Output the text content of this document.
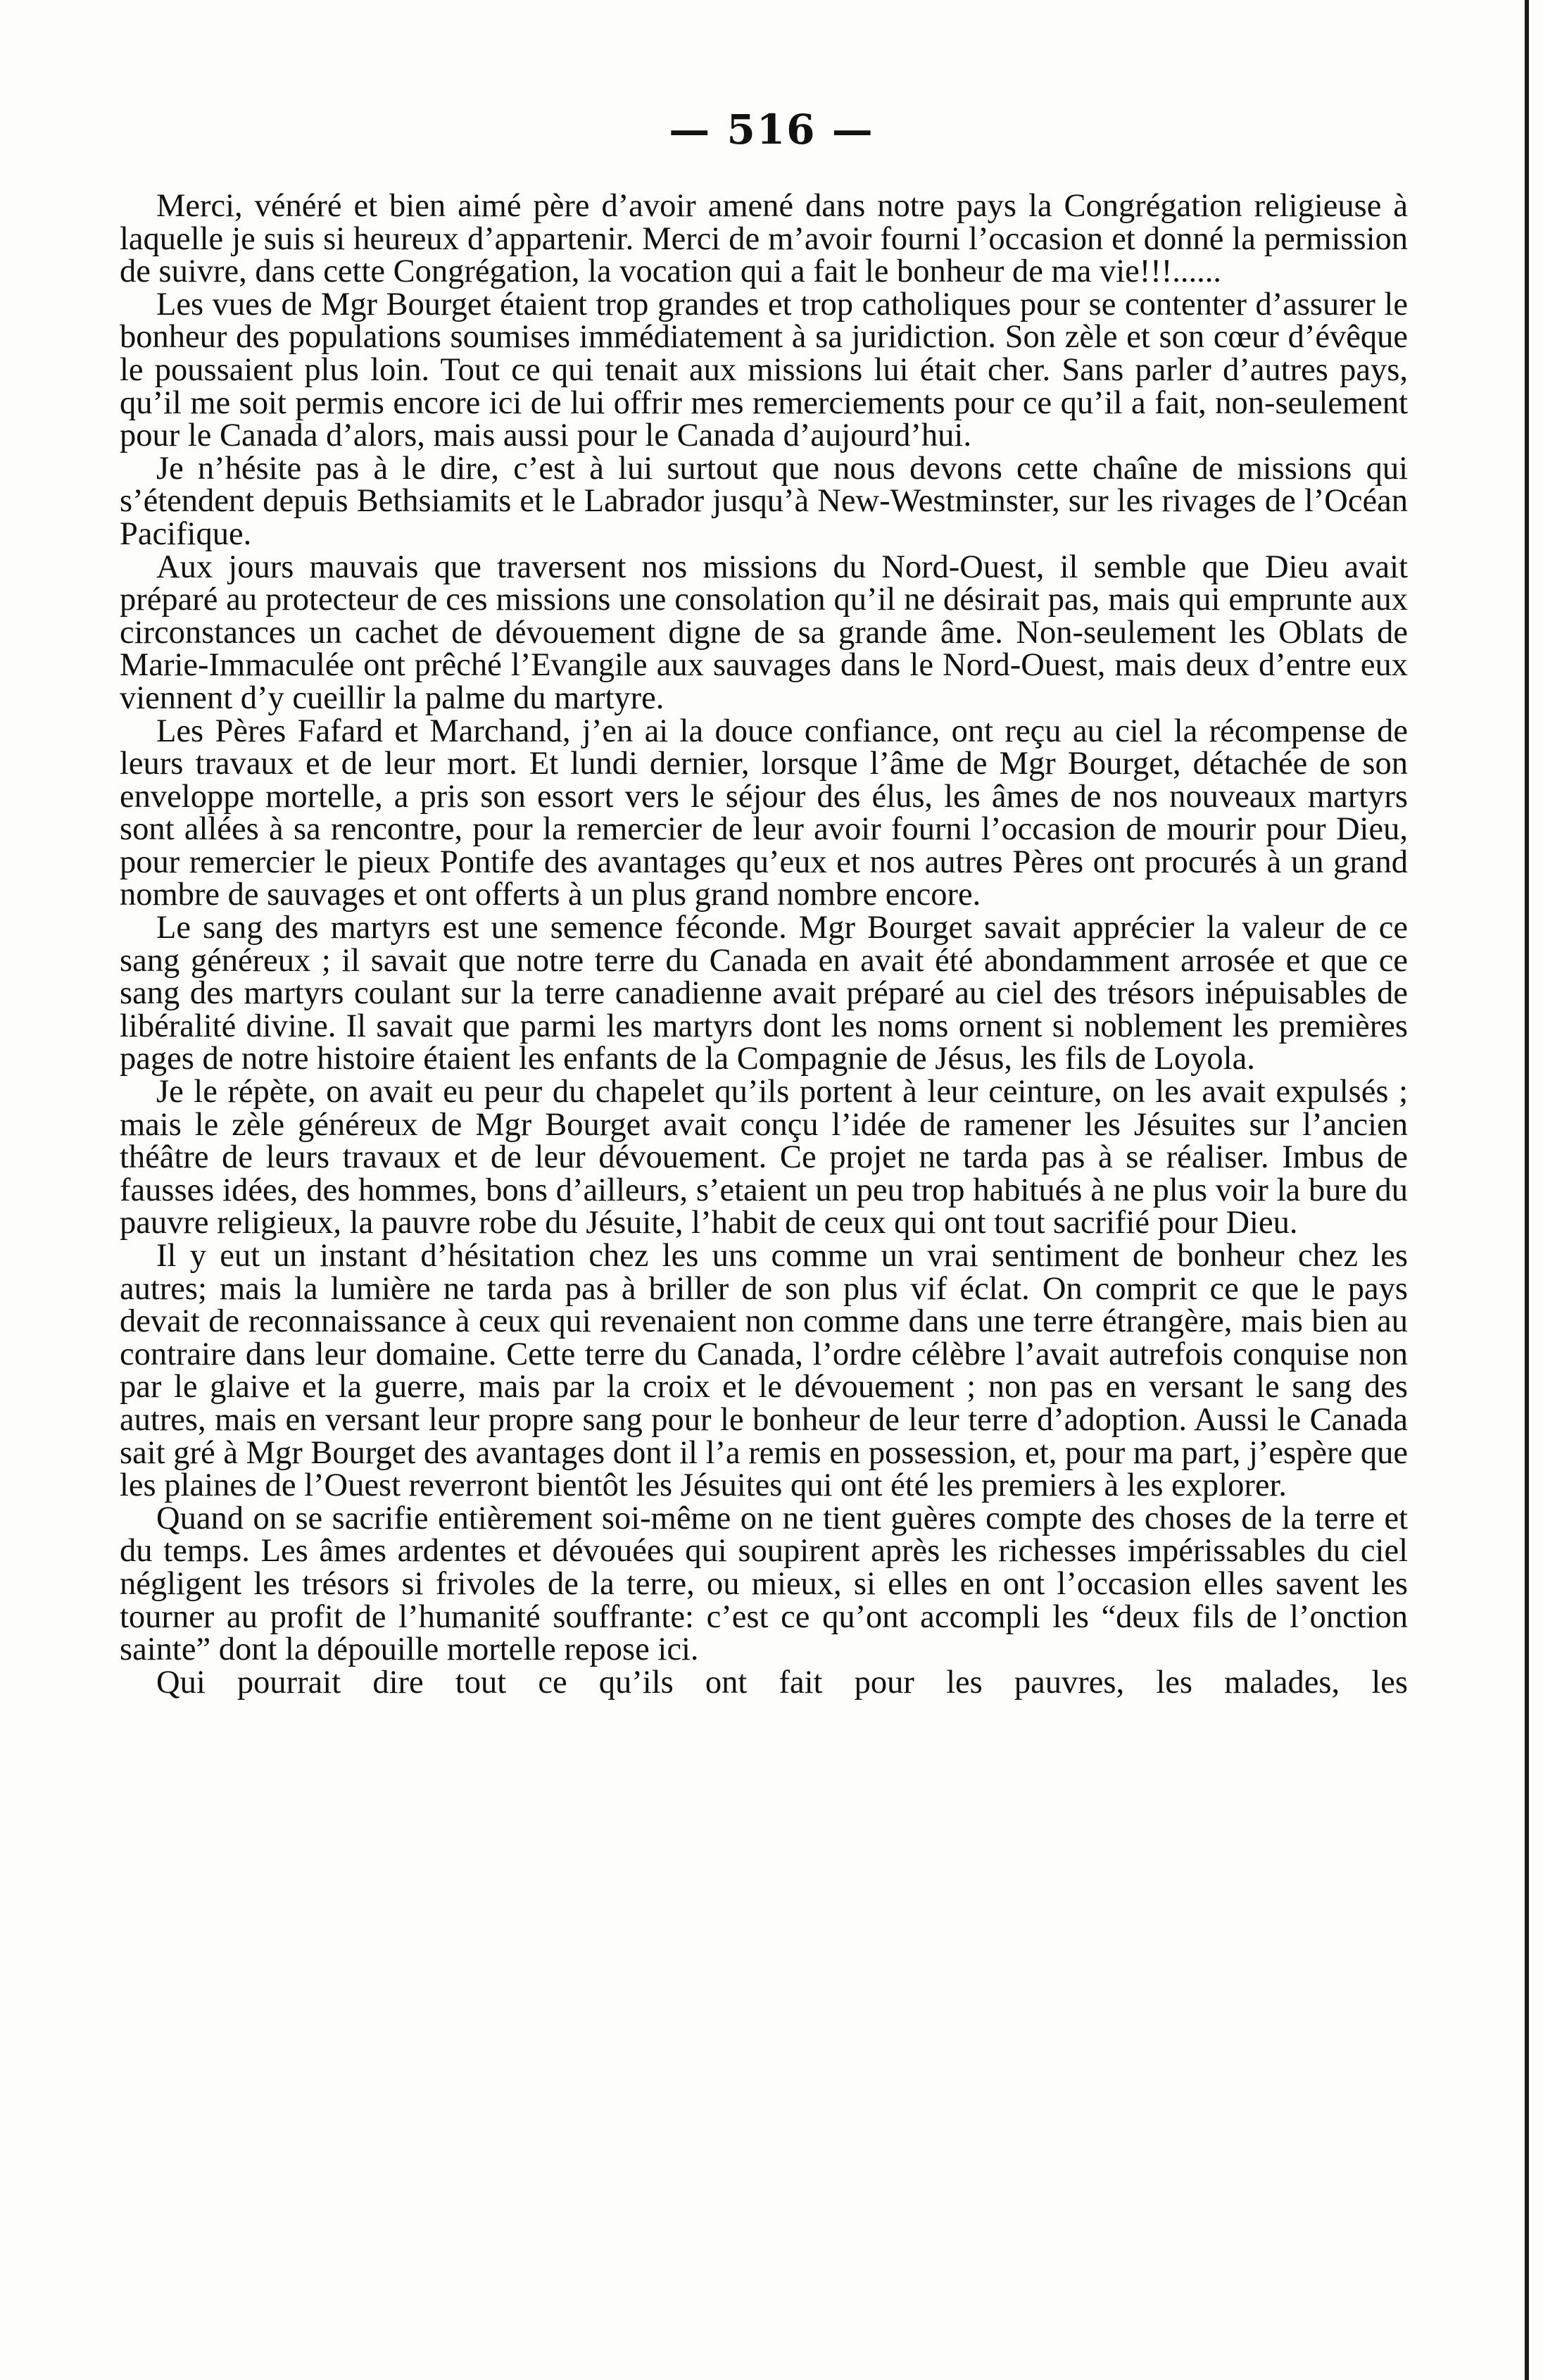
— 516 —

Merci, vénéré et bien aimé père d’avoir amené dans notre pays la Congrégation religieuse à laquelle je suis si heureux d’appartenir. Merci de m’avoir fourni l’occasion et donné la permission de suivre, dans cette Congrégation, la vocation qui a fait le bonheur de ma vie!!!......

Les vues de Mgr Bourget étaient trop grandes et trop catholiques pour se contenter d’assurer le bonheur des populations soumises immédiatement à sa juridiction. Son zèle et son cœur d’évêque le poussaient plus loin. Tout ce qui tenait aux missions lui était cher. Sans parler d’autres pays, qu’il me soit permis encore ici de lui offrir mes remerciements pour ce qu’il a fait, non-seulement pour le Canada d’alors, mais aussi pour le Canada d’aujourd’hui.

Je n’hésite pas à le dire, c’est à lui surtout que nous devons cette chaîne de missions qui s’étendent depuis Bethsiamits et le Labrador jusqu’à New-Westminster, sur les rivages de l’Océan Pacifique.

Aux jours mauvais que traversent nos missions du Nord-Ouest, il semble que Dieu avait préparé au protecteur de ces missions une consolation qu’il ne désirait pas, mais qui emprunte aux circonstances un cachet de dévouement digne de sa grande âme. Non-seulement les Oblats de Marie-Immaculée ont prêché l’Evangile aux sauvages dans le Nord-Ouest, mais deux d’entre eux viennent d’y cueillir la palme du martyre.

Les Pères Fafard et Marchand, j’en ai la douce confiance, ont reçu au ciel la récompense de leurs travaux et de leur mort. Et lundi dernier, lorsque l’âme de Mgr Bourget, détachée de son enveloppe mortelle, a pris son essort vers le séjour des élus, les âmes de nos nouveaux martyrs sont allées à sa rencontre, pour la remercier de leur avoir fourni l’occasion de mourir pour Dieu, pour remercier le pieux Pontife des avantages qu’eux et nos autres Pères ont procurés à un grand nombre de sauvages et ont offerts à un plus grand nombre encore.

Le sang des martyrs est une semence féconde. Mgr Bourget savait apprécier la valeur de ce sang généreux ; il savait que notre terre du Canada en avait été abondamment arrosée et que ce sang des martyrs coulant sur la terre canadienne avait préparé au ciel des trésors inépuisables de libéralité divine. Il savait que parmi les martyrs dont les noms ornent si noblement les premières pages de notre histoire étaient les enfants de la Compagnie de Jésus, les fils de Loyola.

Je le répète, on avait eu peur du chapelet qu’ils portent à leur ceinture, on les avait expulsés ; mais le zèle généreux de Mgr Bourget avait conçu l’idée de ramener les Jésuites sur l’ancien théâtre de leurs travaux et de leur dévouement. Ce projet ne tarda pas à se réaliser. Imbus de fausses idées, des hommes, bons d’ailleurs, s’etaient un peu trop habitués à ne plus voir la bure du pauvre religieux, la pauvre robe du Jésuite, l’habit de ceux qui ont tout sacrifié pour Dieu.

Il y eut un instant d’hésitation chez les uns comme un vrai sentiment de bonheur chez les autres; mais la lumière ne tarda pas à briller de son plus vif éclat. On comprit ce que le pays devait de reconnaissance à ceux qui revenaient non comme dans une terre étrangère, mais bien au contraire dans leur domaine. Cette terre du Canada, l’ordre célèbre l’avait autrefois conquise non par le glaive et la guerre, mais par la croix et le dévouement ; non pas en versant le sang des autres, mais en versant leur propre sang pour le bonheur de leur terre d’adoption. Aussi le Canada sait gré à Mgr Bourget des avantages dont il l’a remis en possession, et, pour ma part, j’espère que les plaines de l’Ouest reverront bientôt les Jésuites qui ont été les premiers à les explorer.

Quand on se sacrifie entièrement soi-même on ne tient guères compte des choses de la terre et du temps. Les âmes ardentes et dévouées qui soupirent après les richesses impérissables du ciel négligent les trésors si frivoles de la terre, ou mieux, si elles en ont l’occasion elles savent les tourner au profit de l’humanité souffrante: c’est ce qu’ont accompli les “deux fils de l’onction sainte” dont la dépouille mortelle repose ici.

Qui pourrait dire tout ce qu’ils ont fait pour les pauvres, les malades, les
